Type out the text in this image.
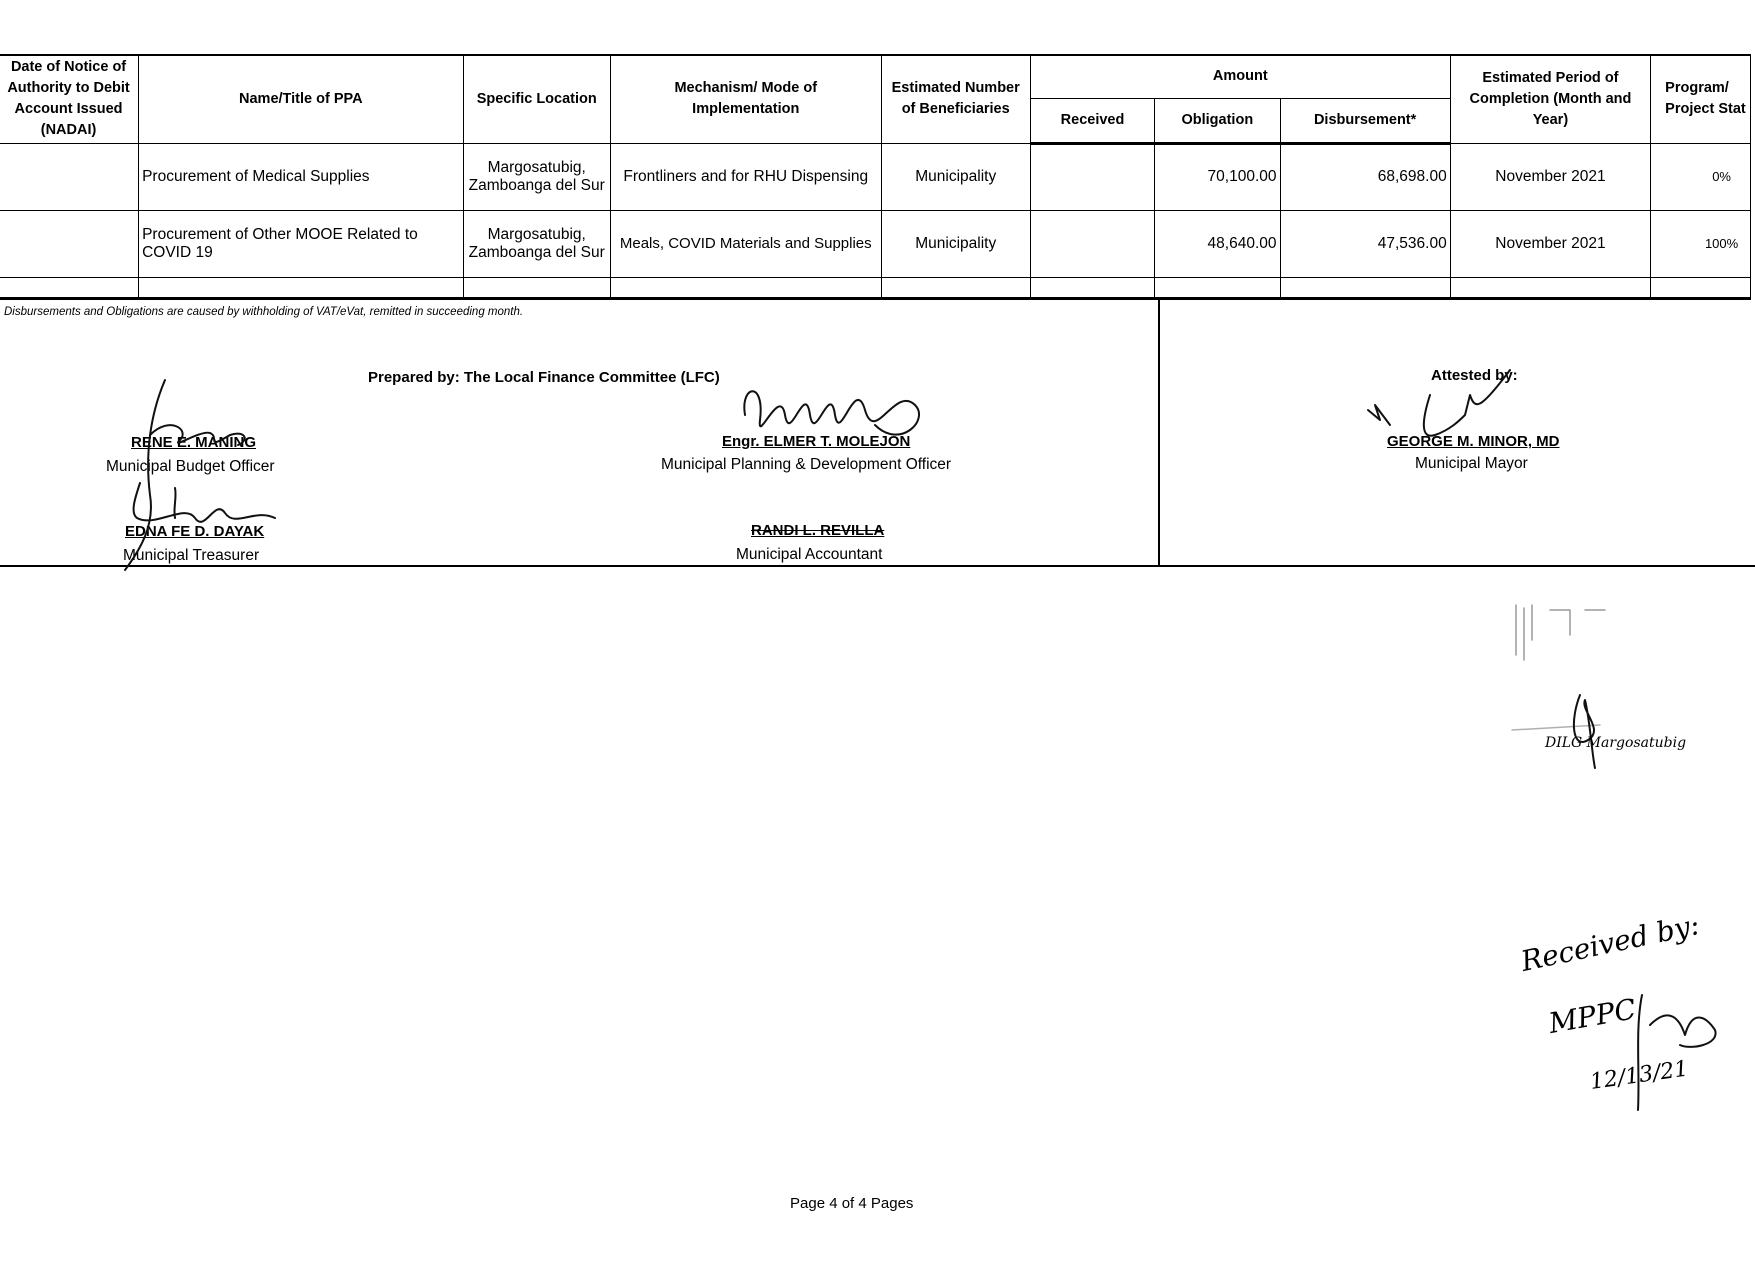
Date of Notice of Authority to Debit Account Issued (NADAI)	Name/Title of PPA	Specific Location	Mechanism/ Mode of Implementation	Estimated Number of Beneficiaries	Amount			Estimated Period of Completion (Month and Year)	Program/ Project Stat
					Received	Obligation	Disbursement*		
	Procurement of Medical Supplies	Margosatubig, Zamboanga del Sur	Frontliners and for RHU Dispensing	Municipality		70,100.00	68,698.00	November 2021	0%
	Procurement of Other MOOE Related to COVID 19	Margosatubig, Zamboanga del Sur	Meals, COVID Materials and Supplies	Municipality		48,640.00	47,536.00	November 2021	100%

Disbursements and Obligations are caused by withholding of VAT/eVat, remitted in succeeding month.
Prepared by: The Local Finance Committee (LFC)
RENE E. MANING
Municipal Budget Officer
EDNA FE D. DAYAK
Municipal Treasurer
Engr. ELMER T. MOLEJON
Municipal Planning & Development Officer
RANDI L. REVILLA
Municipal Accountant
Attested by:
GEORGE M. MINOR, MD
Municipal Mayor
DILG Margosatubig
Received by:
MPPC
12/13/21
Page 4 of 4 Pages
